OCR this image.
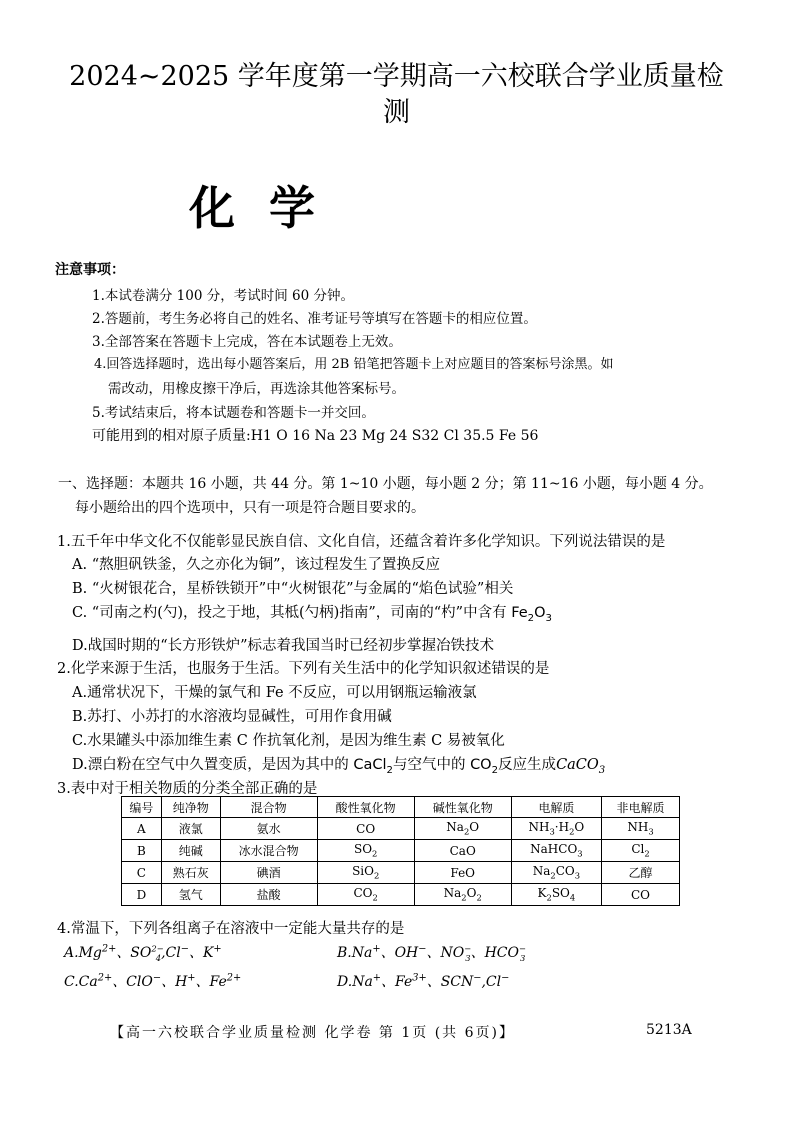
2024~2025 学年度第一学期高一六校联合学业质量检
测
化学
注意事项：
1.本试卷满分 100 分，考试时间 60 分钟。
2.答题前，考生务必将自己的姓名、准考证号等填写在答题卡的相应位置。
3.全部答案在答题卡上完成，答在本试题卷上无效。
4.回答选择题时，选出每小题答案后，用 2B 铅笔把答题卡上对应题目的答案标号涂黑。如
需改动，用橡皮擦干净后，再选涂其他答案标号。
5.考试结束后，将本试题卷和答题卡一并交回。
可能用到的相对原子质量:H1 O 16 Na 23 Mg 24 S32 Cl 35.5 Fe 56
一、选择题：本题共 16 小题，共 44 分。第 1~10 小题，每小题 2 分；第 11~16 小题，每小题 4 分。
每小题给出的四个选项中，只有一项是符合题目要求的。
1.五千年中华文化不仅能彰显民族自信、文化自信，还蕴含着许多化学知识。下列说法错误的是
A. “熬胆矾铁釜，久之亦化为铜”，该过程发生了置换反应
B. “火树银花合，星桥铁锁开”中“火树银花”与金属的“焰色试验”相关
C. “司南之杓(勺)，投之于地，其柢(勺柄)指南”，司南的“杓”中含有 $Fe_2O_3$
D.战国时期的“长方形铁炉”标志着我国当时已经初步掌握冶铁技术
2.化学来源于生活，也服务于生活。下列有关生活中的化学知识叙述错误的是
A.通常状况下，干燥的氯气和 Fe 不反应，可以用钢瓶运输液氯
B.苏打、小苏打的水溶液均显碱性，可用作食用碱
C.水果罐头中添加维生素 C 作抗氧化剂，是因为维生素 C 易被氧化
D.漂白粉在空气中久置变质，是因为其中的 CaCl$_2$与空气中的 $CO_2$反应生成CaCO$_3$
3.表中对于相关物质的分类全部正确的是
编号	纯净物	混合物	酸性氧化物	碱性氧化物	电解质	非电解质
A	液氯	氨水	CO	$Na_2O$	$NH_3\cdot H_2O$	$NH_3$
B	纯碱	冰水混合物	$SO_2$	CaO	NaHCO$_3$	$Cl_2$
C	熟石灰	碘酒	SiO$_2$	FeO	$Na_2CO_3$	乙醇
D	氢气	盐酸	$CO_2$	$Na_2O_2$	$K_2SO_4$	CO
4.常温下，下列各组离子在溶液中一定能大量共存的是
$A.Mg^{2+}$、$SO^{2-}_4,Cl^-$、K+	B.Na+、OH−、$NO^-_3$、$HCO^-_3$
$C.Ca^{2+}$、ClO−、H+、$Fe^{2+}$	D.Na+、$Fe^{3+}$、SCN−,Cl−
【高一六校联合学业质量检测 化学卷 第 1页 (共 6页)】	5213A
